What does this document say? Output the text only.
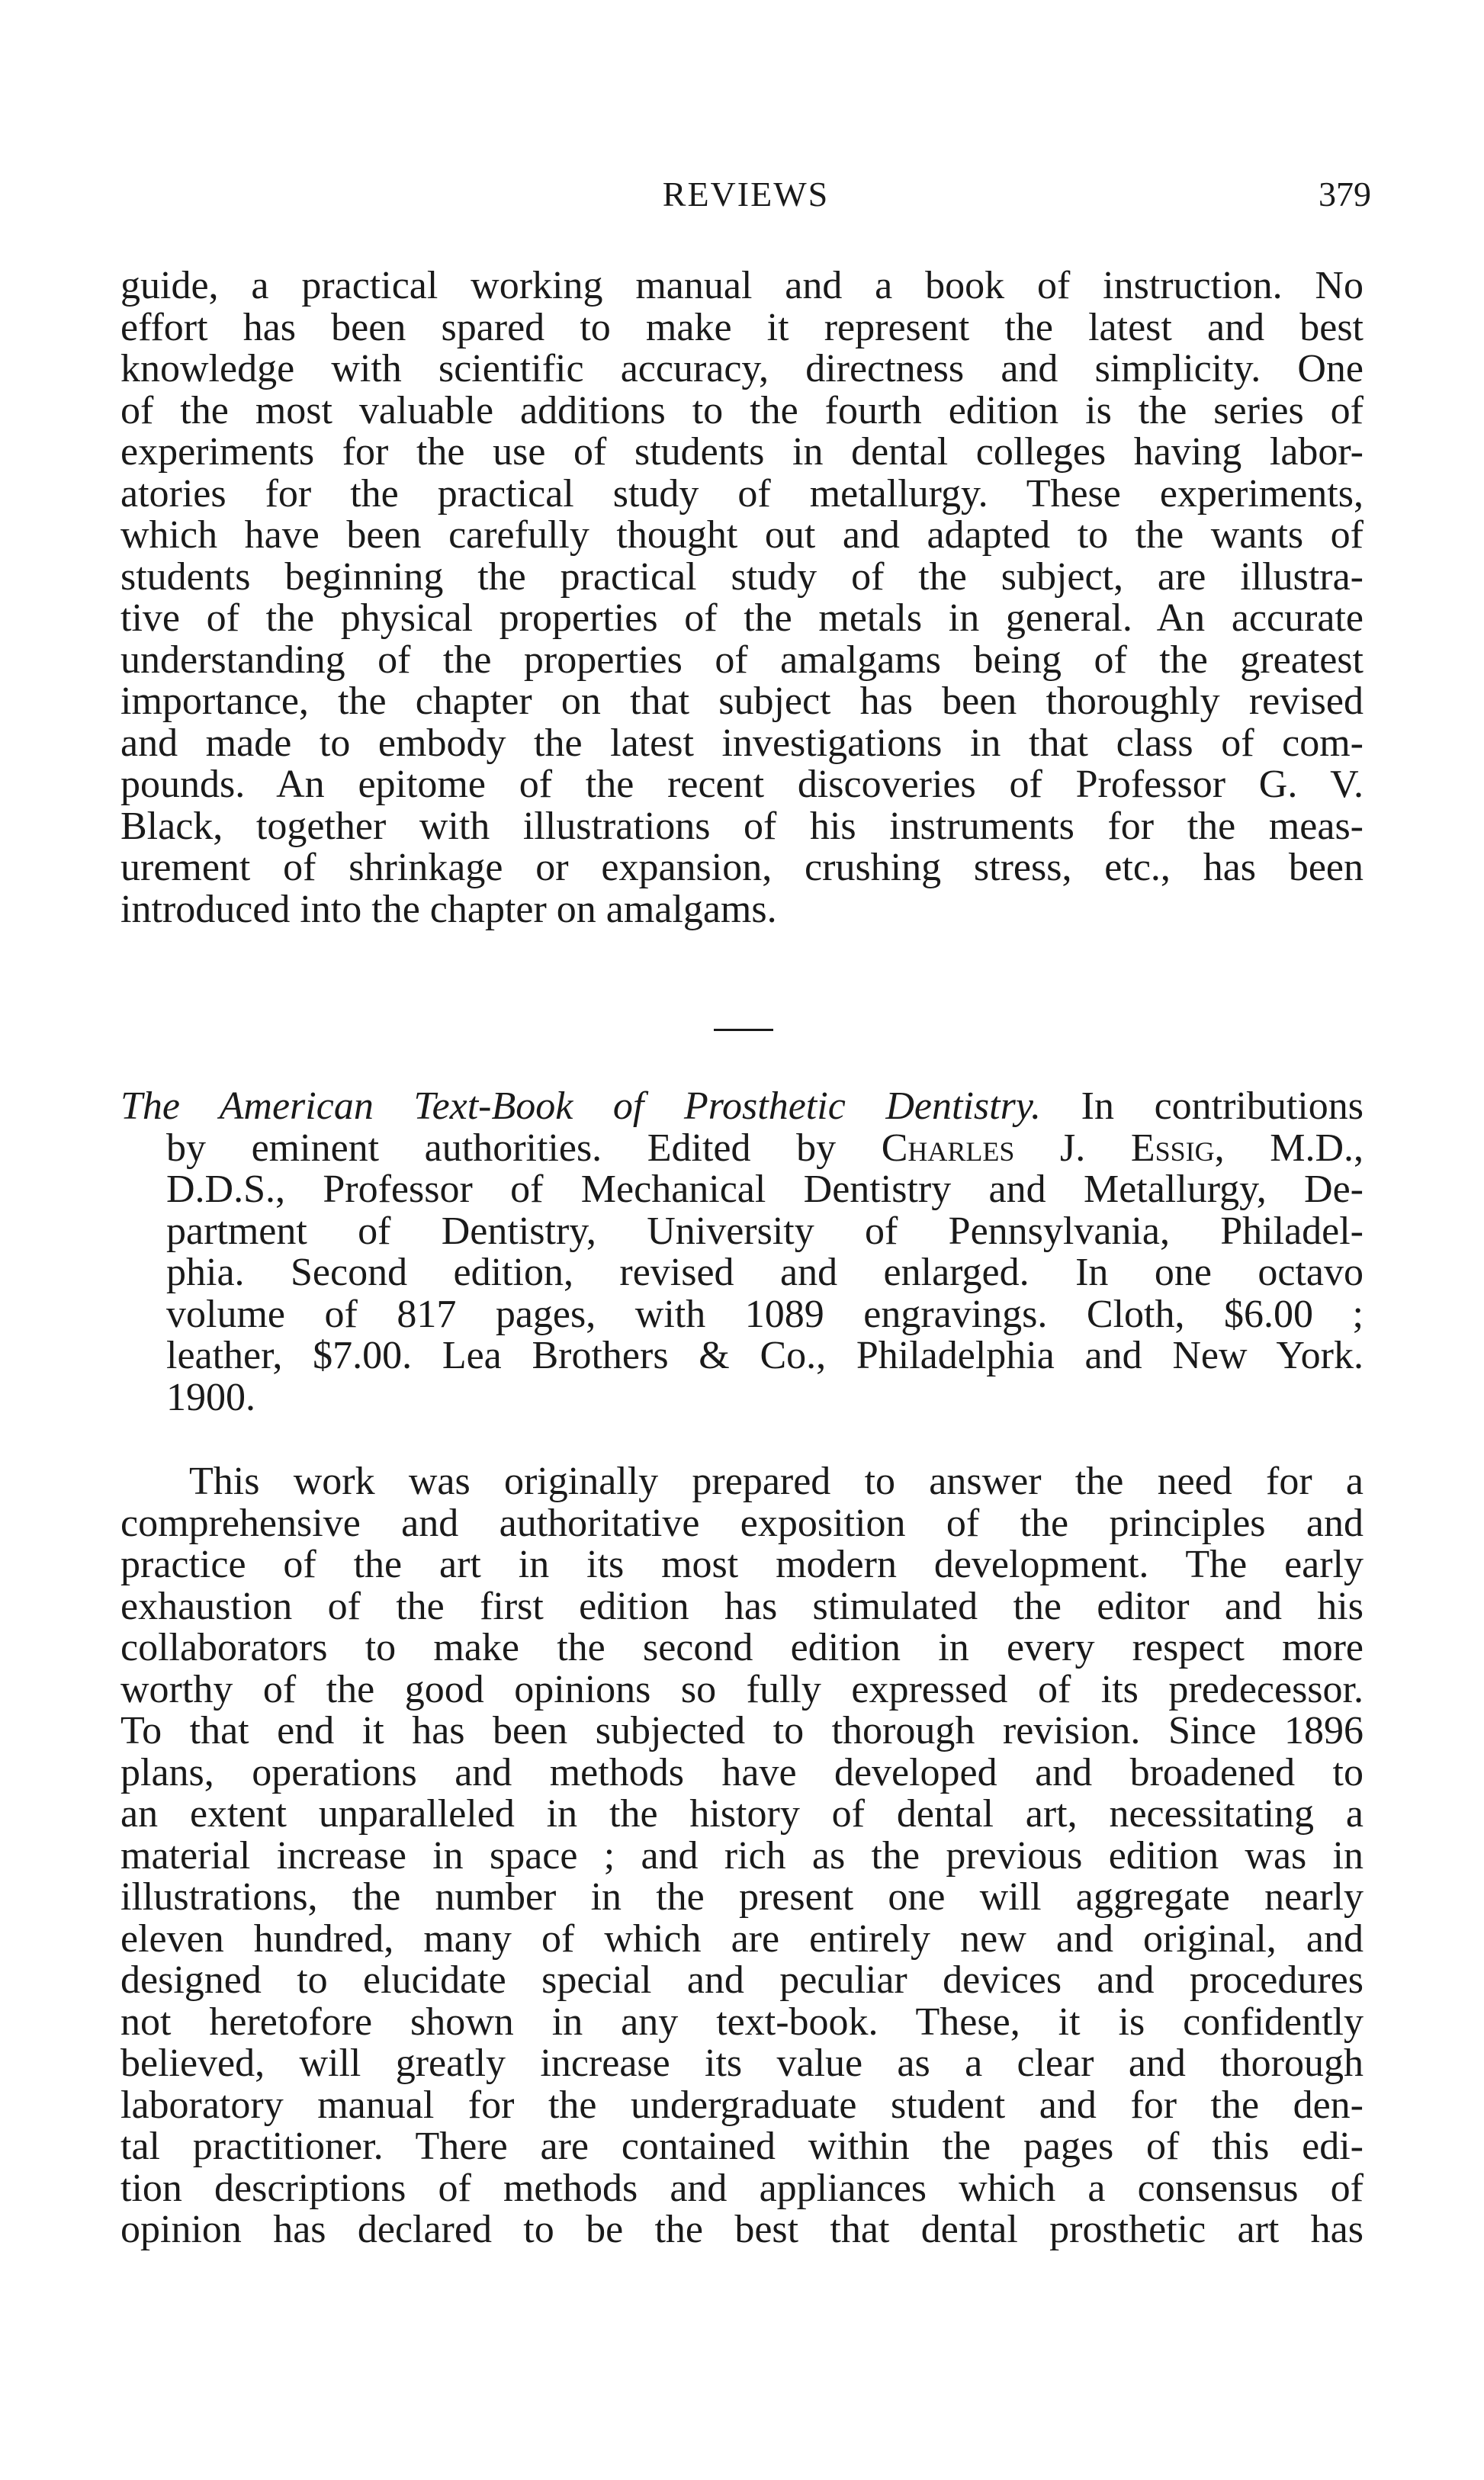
REVIEWS	379
guide, a practical working manual and a book of instruction. No
effort has been spared to make it represent the latest and best
knowledge with scientific accuracy, directness and simplicity. One
of the most valuable additions to the fourth edition is the series of
experiments for the use of students in dental colleges having labor-
atories for the practical study of metallurgy. These experiments,
which have been carefully thought out and adapted to the wants of
students beginning the practical study of the subject, are illustra-
tive of the physical properties of the metals in general. An accurate
understanding of the properties of amalgams being of the greatest
importance, the chapter on that subject has been thoroughly revised
and made to embody the latest investigations in that class of com-
pounds. An epitome of the recent discoveries of Professor G. V.
Black, together with illustrations of his instruments for the meas-
urement of shrinkage or expansion, crushing stress, etc., has been
introduced into the chapter on amalgams.
The American Text-Book of Prosthetic Dentistry. In contributions
by eminent authorities. Edited by Charles J. Essig, M.D.,
D.D.S., Professor of Mechanical Dentistry and Metallurgy, De-
partment of Dentistry, University of Pennsylvania, Philadel-
phia. Second edition, revised and enlarged. In one octavo
volume of 817 pages, with 1089 engravings. Cloth, $6.00 ;
leather, $7.00. Lea Brothers & Co., Philadelphia and New York.
1900.
This work was originally prepared to answer the need for a
comprehensive and authoritative exposition of the principles and
practice of the art in its most modern development. The early
exhaustion of the first edition has stimulated the editor and his
collaborators to make the second edition in every respect more
worthy of the good opinions so fully expressed of its predecessor.
To that end it has been subjected to thorough revision. Since 1896
plans, operations and methods have developed and broadened to
an extent unparalleled in the history of dental art, necessitating a
material increase in space ; and rich as the previous edition was in
illustrations, the number in the present one will aggregate nearly
eleven hundred, many of which are entirely new and original, and
designed to elucidate special and peculiar devices and procedures
not heretofore shown in any text-book. These, it is confidently
believed, will greatly increase its value as a clear and thorough
laboratory manual for the undergraduate student and for the den-
tal practitioner. There are contained within the pages of this edi-
tion descriptions of methods and appliances which a consensus of
opinion has declared to be the best that dental prosthetic art has
